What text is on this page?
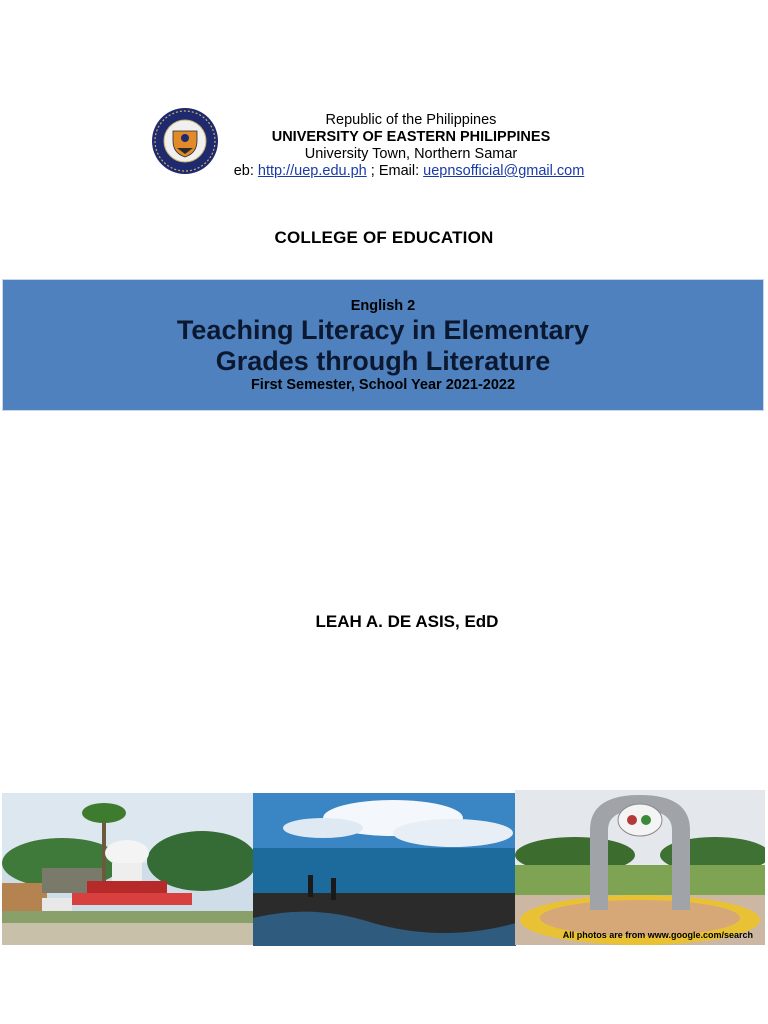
Republic of the Philippines
UNIVERSITY OF EASTERN PHILIPPINES
University Town, Northern Samar
eb: http://uep.edu.ph ; Email: uepnsofficial@gmail.com
COLLEGE OF EDUCATION
English 2
Teaching Literacy in Elementary
Grades through Literature
First Semester, School Year 2021-2022
LEAH A. DE ASIS, EdD
All photos are from www.google.com/search
